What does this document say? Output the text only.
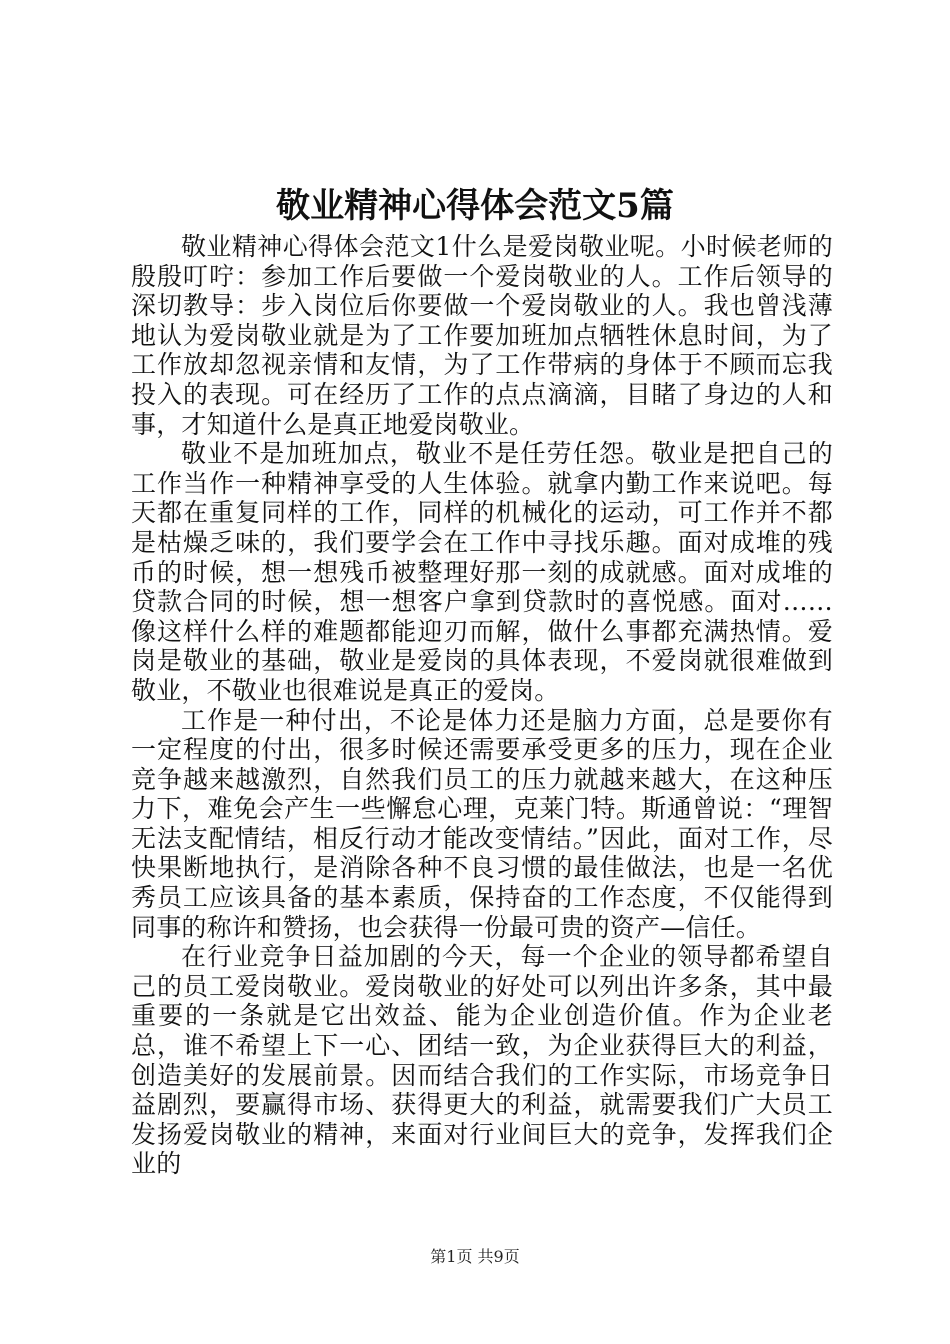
敬业精神心得体会范文5篇

敬业精神心得体会范文1什么是爱岗敬业呢。小时候老师的殷殷叮咛：参加工作后要做一个爱岗敬业的人。工作后领导的深切教导：步入岗位后你要做一个爱岗敬业的人。我也曾浅薄地认为爱岗敬业就是为了工作要加班加点牺牲休息时间，为了工作放却忽视亲情和友情，为了工作带病的身体于不顾而忘我投入的表现。可在经历了工作的点点滴滴，目睹了身边的人和事，才知道什么是真正地爱岗敬业。

敬业不是加班加点，敬业不是任劳任怨。敬业是把自己的工作当作一种精神享受的人生体验。就拿内勤工作来说吧。每天都在重复同样的工作，同样的机械化的运动，可工作并不都是枯燥乏味的，我们要学会在工作中寻找乐趣。面对成堆的残币的时候，想一想残币被整理好那一刻的成就感。面对成堆的贷款合同的时候，想一想客户拿到贷款时的喜悦感。面对……像这样什么样的难题都能迎刃而解，做什么事都充满热情。爱岗是敬业的基础，敬业是爱岗的具体表现，不爱岗就很难做到敬业，不敬业也很难说是真正的爱岗。

工作是一种付出，不论是体力还是脑力方面，总是要你有一定程度的付出，很多时候还需要承受更多的压力，现在企业竞争越来越激烈，自然我们员工的压力就越来越大，在这种压力下，难免会产生一些懈怠心理，克莱门特。斯通曾说：“理智无法支配情结，相反行动才能改变情结。”因此，面对工作，尽快果断地执行，是消除各种不良习惯的最佳做法，也是一名优秀员工应该具备的基本素质，保持奋的工作态度，不仅能得到同事的称许和赞扬，也会获得一份最可贵的资产—信任。

在行业竞争日益加剧的今天，每一个企业的领导都希望自己的员工爱岗敬业。爱岗敬业的好处可以列出许多条，其中最重要的一条就是它出效益、能为企业创造价值。作为企业老总，谁不希望上下一心、团结一致，为企业获得巨大的利益，创造美好的发展前景。因而结合我们的工作实际，市场竞争日益剧烈，要赢得市场、获得更大的利益，就需要我们广大员工发扬爱岗敬业的精神，来面对行业间巨大的竞争，发挥我们企业的

第1页 共9页
